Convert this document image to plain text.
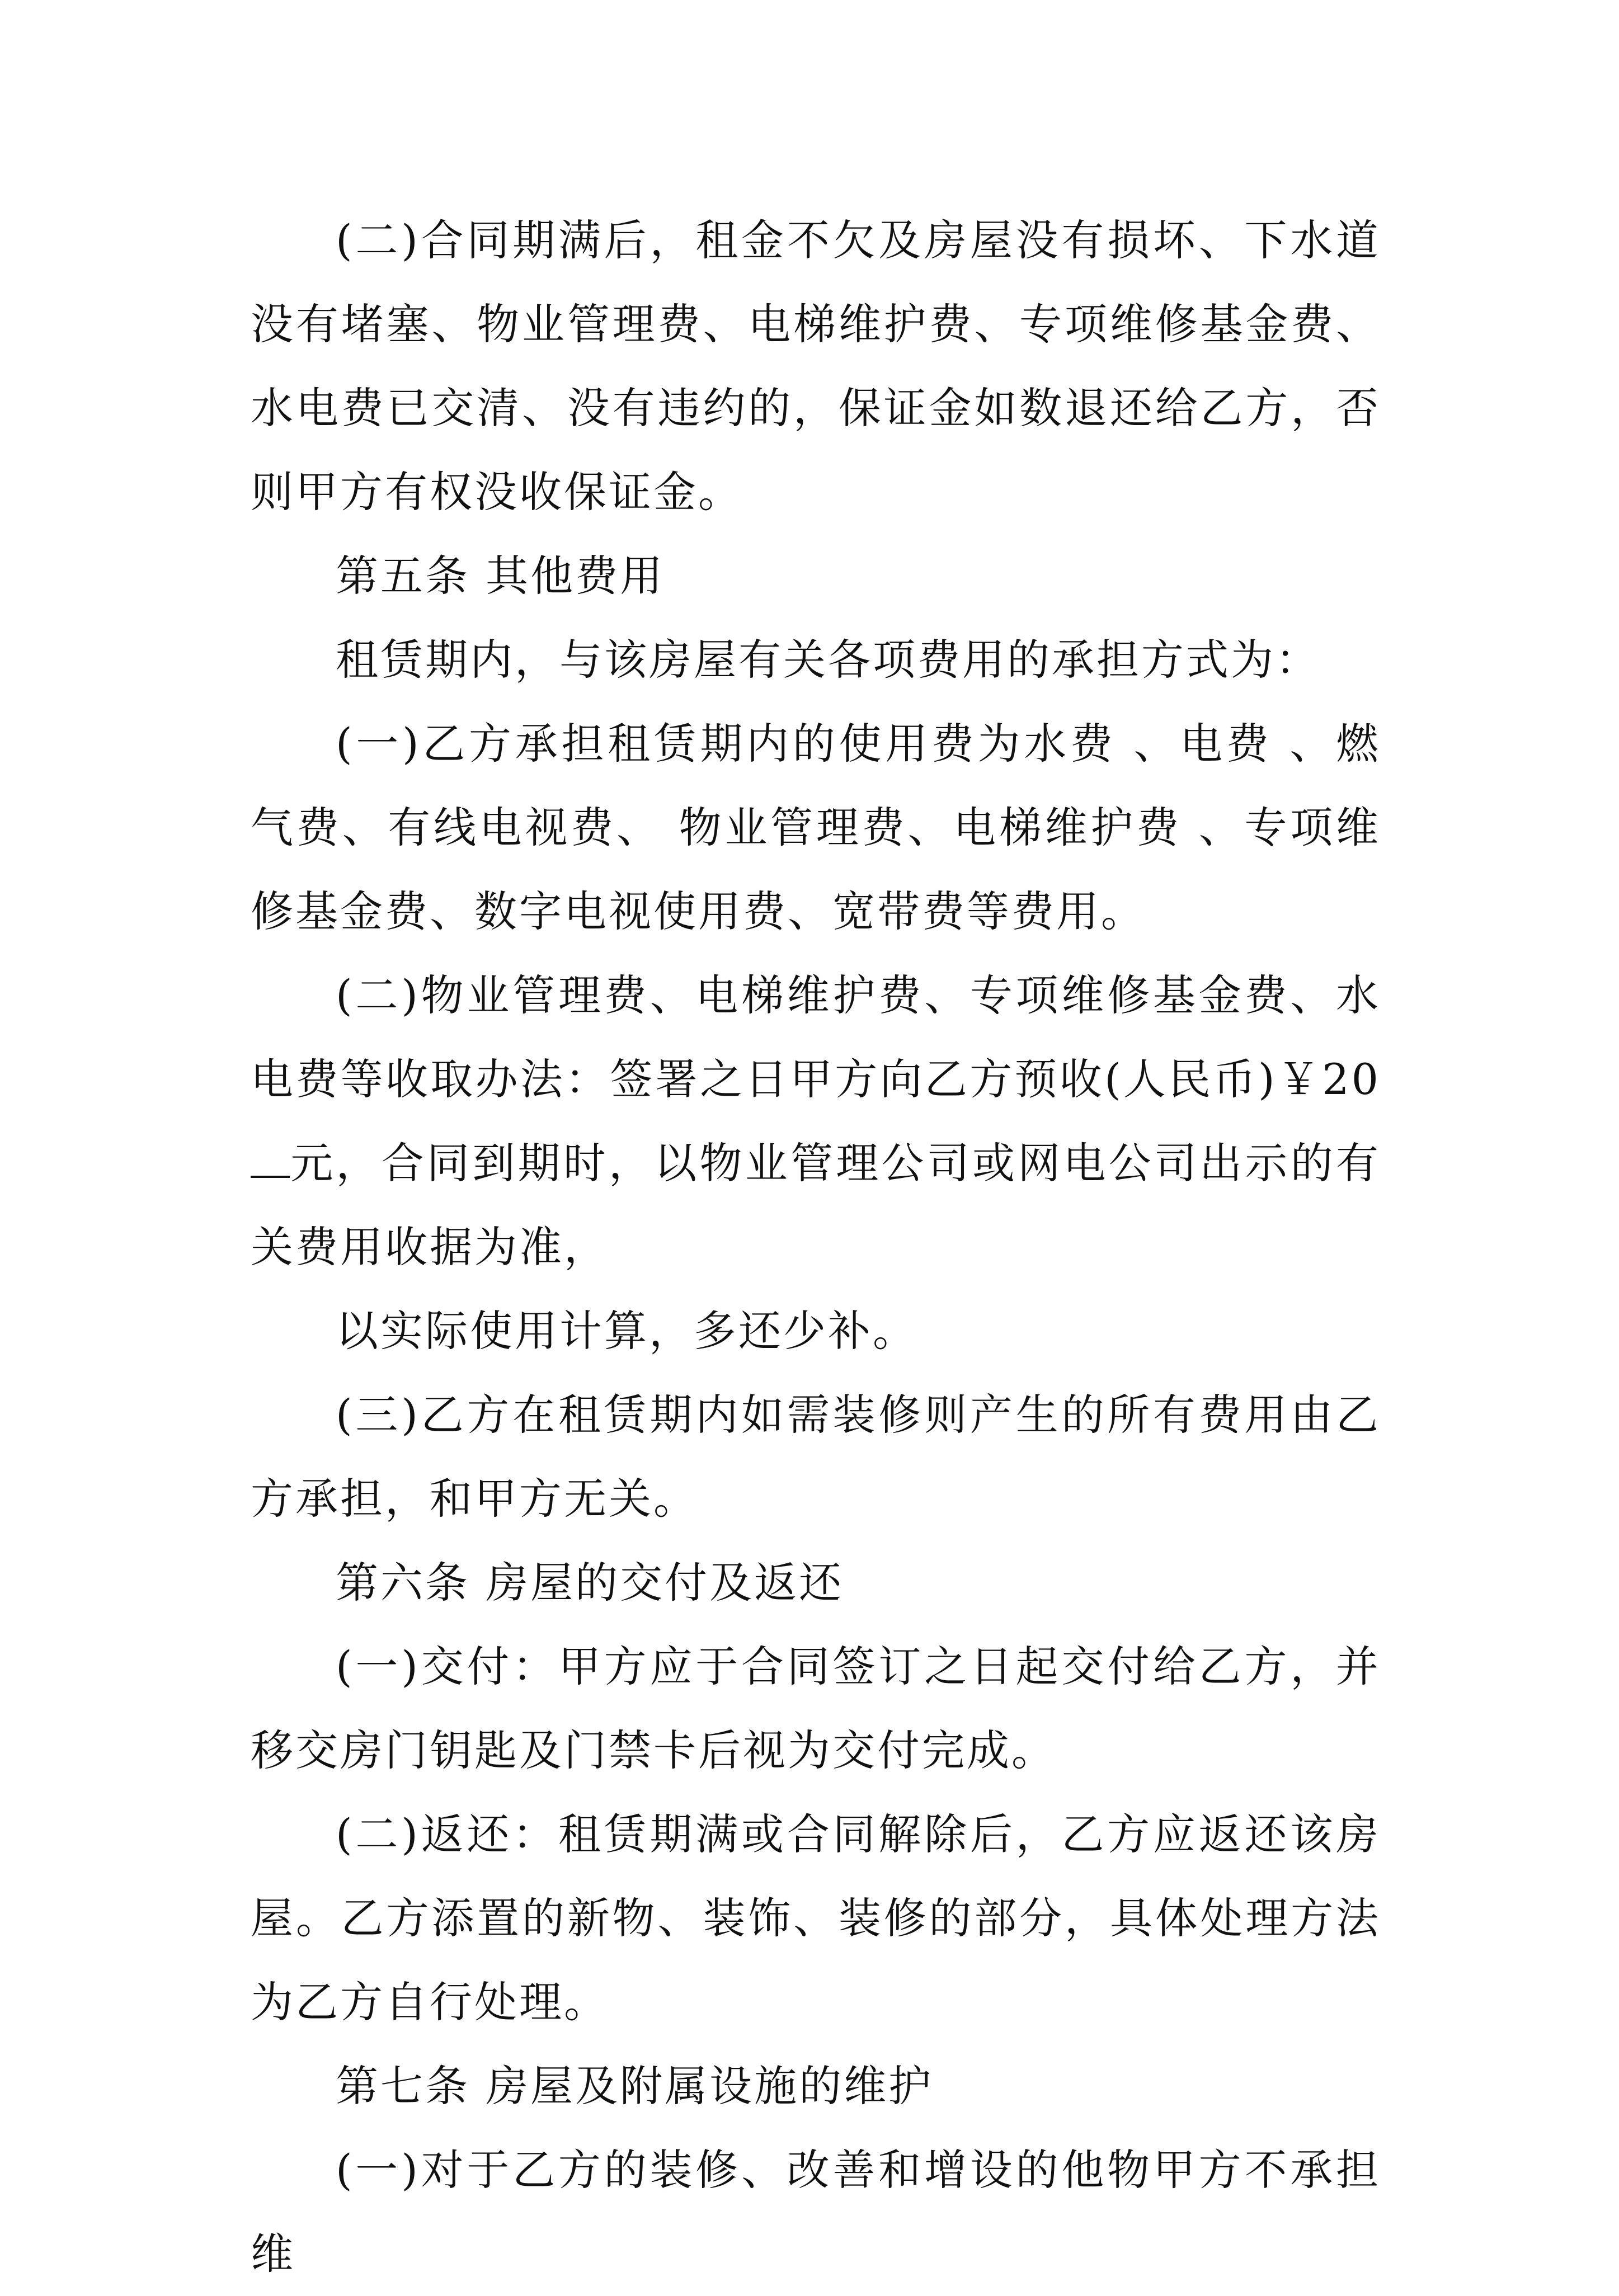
(二)合同期满后，租金不欠及房屋没有损坏、下水道没有堵塞、物业管理费、电梯维护费、专项维修基金费、水电费已交清、没有违约的，保证金如数退还给乙方，否则甲方有权没收保证金。

第五条 其他费用

租赁期内，与该房屋有关各项费用的承担方式为：

(一)乙方承担租赁期内的使用费为水费 、电费 、燃气费、有线电视费、 物业管理费、电梯维护费 、专项维修基金费、数字电视使用费、宽带费等费用。

(二)物业管理费、电梯维护费、专项维修基金费、水电费等收取办法：签署之日甲方向乙方预收(人民币)￥20元，合同到期时，以物业管理公司或网电公司出示的有关费用收据为准，

以实际使用计算，多还少补。

(三)乙方在租赁期内如需装修则产生的所有费用由乙方承担，和甲方无关。

第六条 房屋的交付及返还

(一)交付：甲方应于合同签订之日起交付给乙方，并移交房门钥匙及门禁卡后视为交付完成。

(二)返还：租赁期满或合同解除后，乙方应返还该房屋。乙方添置的新物、装饰、装修的部分，具体处理方法为乙方自行处理。

第七条 房屋及附属设施的维护

(一)对于乙方的装修、改善和增设的他物甲方不承担维
